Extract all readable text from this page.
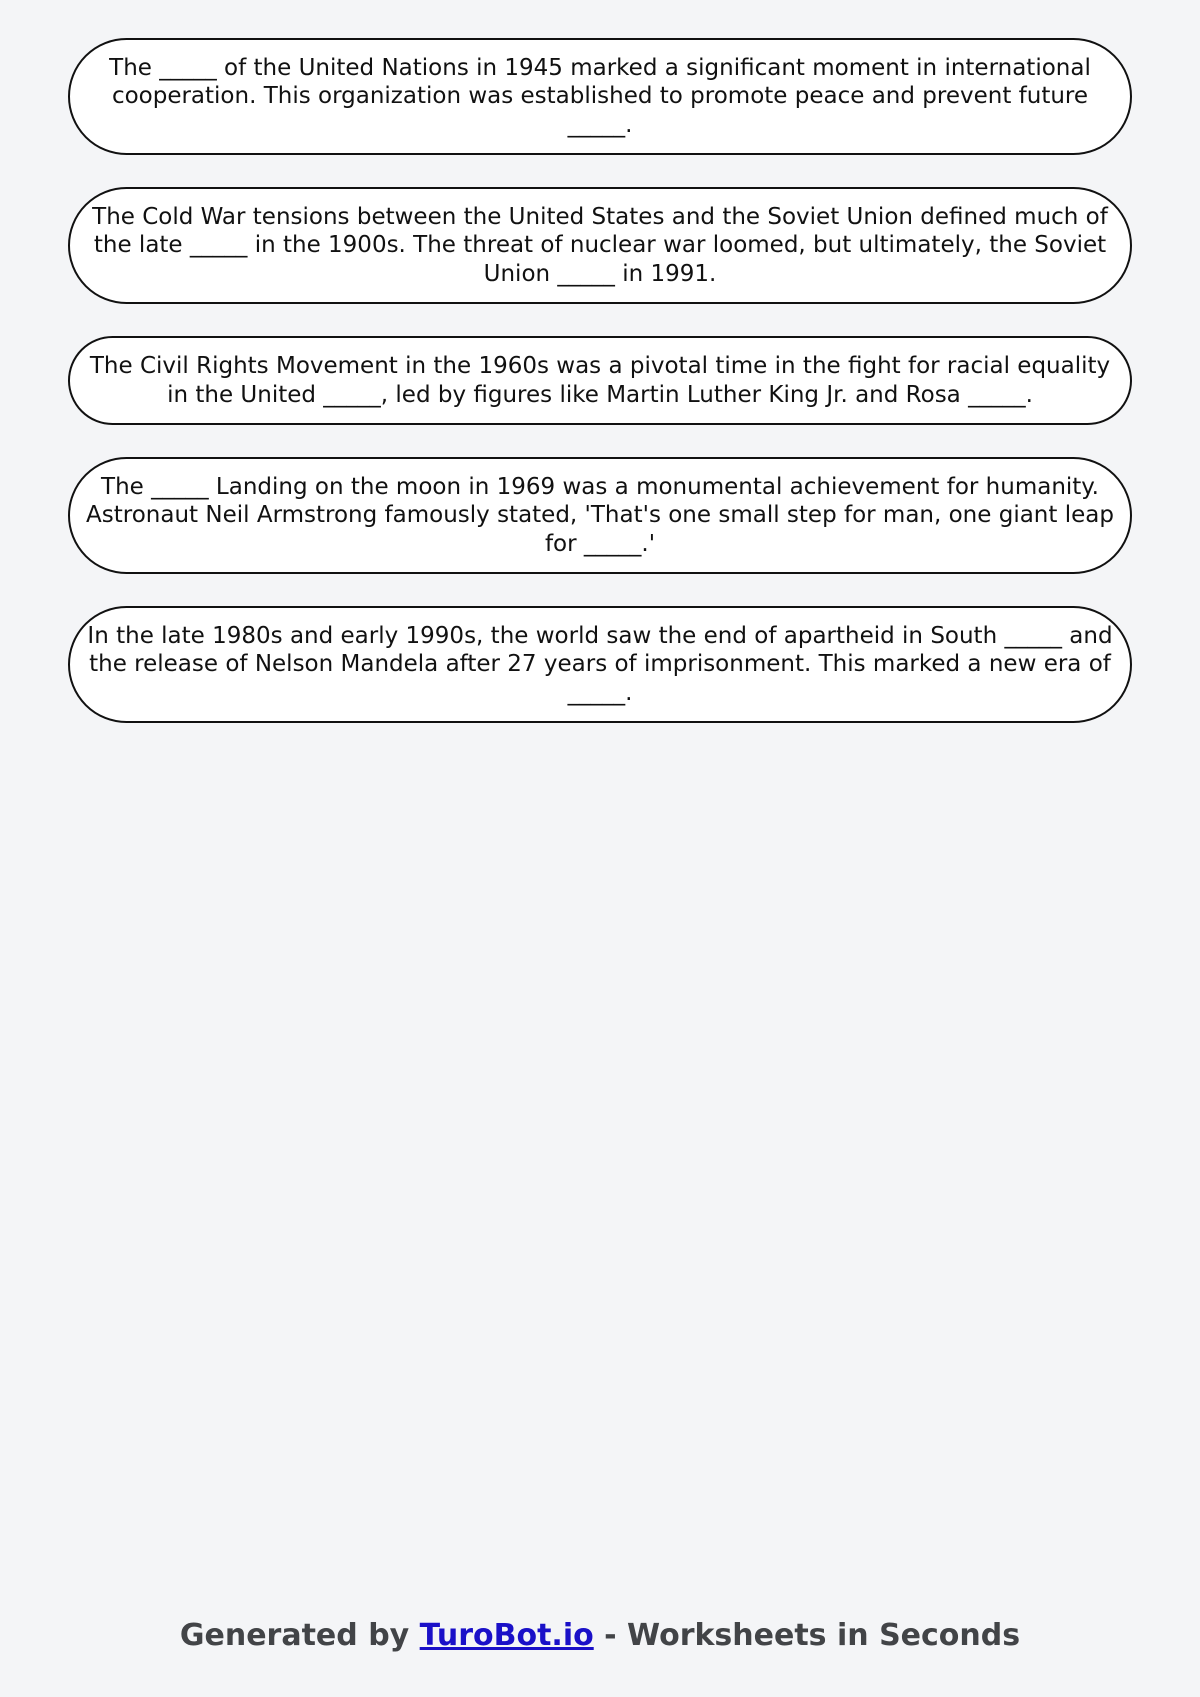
The _____ of the United Nations in 1945 marked a significant moment in international cooperation. This organization was established to promote peace and prevent future _____.
The Cold War tensions between the United States and the Soviet Union defined much of the late _____ in the 1900s. The threat of nuclear war loomed, but ultimately, the Soviet Union _____ in 1991.
The Civil Rights Movement in the 1960s was a pivotal time in the fight for racial equality in the United _____, led by figures like Martin Luther King Jr. and Rosa _____.
The _____ Landing on the moon in 1969 was a monumental achievement for humanity. Astronaut Neil Armstrong famously stated, 'That's one small step for man, one giant leap for _____.'
In the late 1980s and early 1990s, the world saw the end of apartheid in South _____ and the release of Nelson Mandela after 27 years of imprisonment. This marked a new era of _____.
Generated by TuroBot.io - Worksheets in Seconds
